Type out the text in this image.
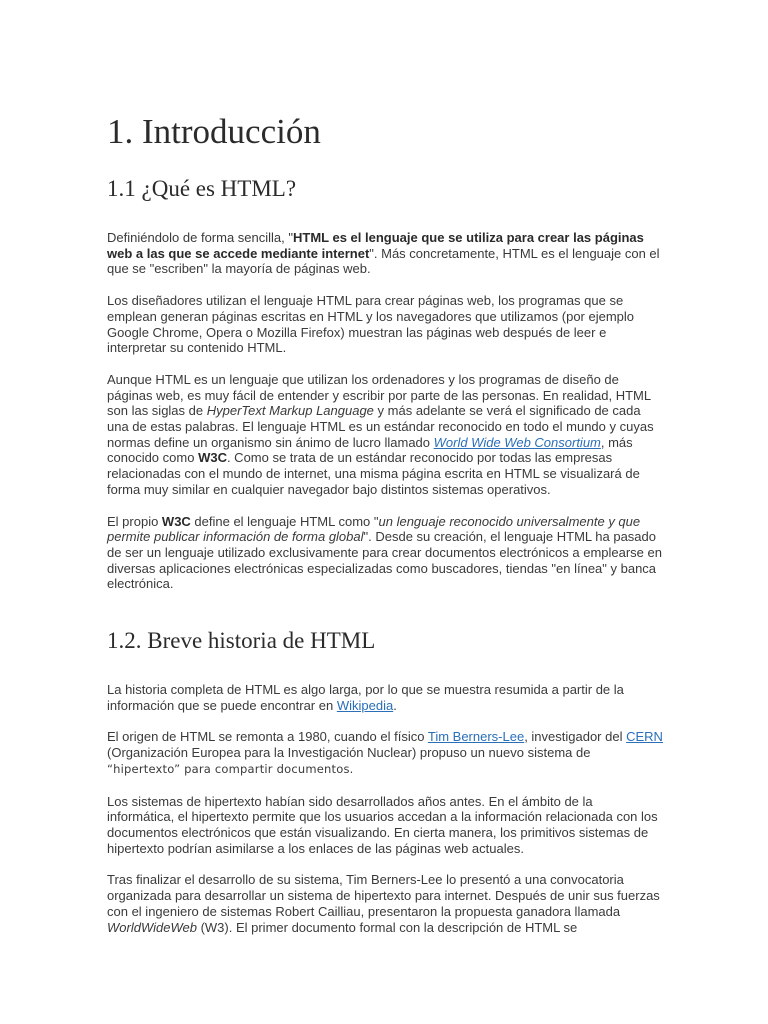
1. Introducción
1.1 ¿Qué es HTML?

Definiéndolo de forma sencilla, "HTML es el lenguaje que se utiliza para crear las páginas web a las que se accede mediante internet". Más concretamente, HTML es el lenguaje con el que se "escriben" la mayoría de páginas web.

Los diseñadores utilizan el lenguaje HTML para crear páginas web, los programas que se emplean generan páginas escritas en HTML y los navegadores que utilizamos (por ejemplo Google Chrome, Opera o Mozilla Firefox) muestran las páginas web después de leer e interpretar su contenido HTML.

Aunque HTML es un lenguaje que utilizan los ordenadores y los programas de diseño de páginas web, es muy fácil de entender y escribir por parte de las personas. En realidad, HTML son las siglas de HyperText Markup Language y más adelante se verá el significado de cada una de estas palabras. El lenguaje HTML es un estándar reconocido en todo el mundo y cuyas normas define un organismo sin ánimo de lucro llamado World Wide Web Consortium, más conocido como W3C. Como se trata de un estándar reconocido por todas las empresas relacionadas con el mundo de internet, una misma página escrita en HTML se visualizará de forma muy similar en cualquier navegador bajo distintos sistemas operativos.

El propio W3C define el lenguaje HTML como "un lenguaje reconocido universalmente y que permite publicar información de forma global". Desde su creación, el lenguaje HTML ha pasado de ser un lenguaje utilizado exclusivamente para crear documentos electrónicos a emplearse en diversas aplicaciones electrónicas especializadas como buscadores, tiendas "en línea" y banca electrónica.

1.2. Breve historia de HTML

La historia completa de HTML es algo larga, por lo que se muestra resumida a partir de la información que se puede encontrar en Wikipedia.

El origen de HTML se remonta a 1980, cuando el físico Tim Berners-Lee, investigador del CERN (Organización Europea para la Investigación Nuclear) propuso un nuevo sistema de “hipertexto” para compartir documentos.

Los sistemas de hipertexto habían sido desarrollados años antes. En el ámbito de la informática, el hipertexto permite que los usuarios accedan a la información relacionada con los documentos electrónicos que están visualizando. En cierta manera, los primitivos sistemas de hipertexto podrían asimilarse a los enlaces de las páginas web actuales.

Tras finalizar el desarrollo de su sistema, Tim Berners-Lee lo presentó a una convocatoria organizada para desarrollar un sistema de hipertexto para internet. Después de unir sus fuerzas con el ingeniero de sistemas Robert Cailliau, presentaron la propuesta ganadora llamada WorldWideWeb (W3). El primer documento formal con la descripción de HTML se
